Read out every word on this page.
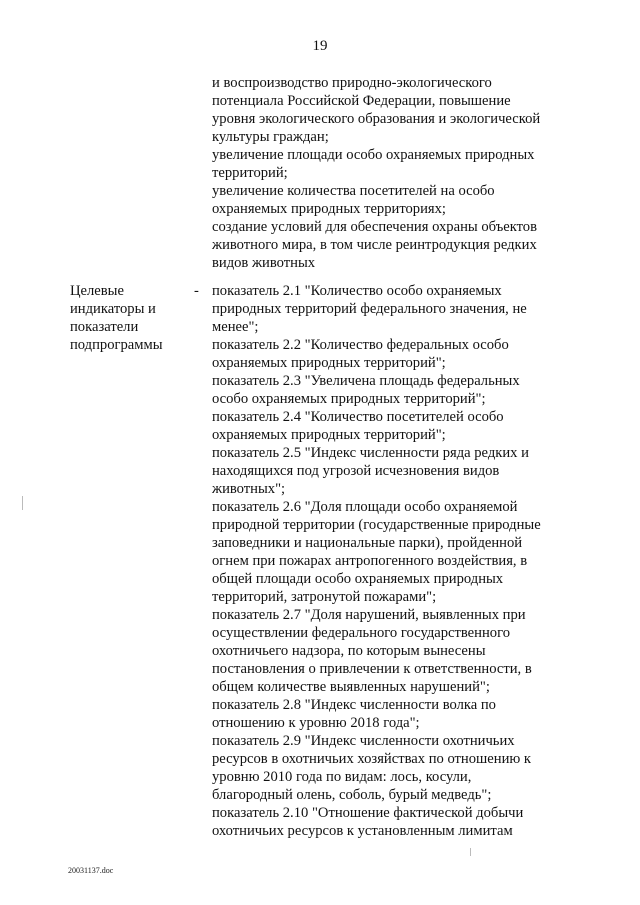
19
и воспроизводство природно-экологического
потенциала Российской Федерации, повышение
уровня экологического образования и экологической
культуры граждан;
увеличение площади особо охраняемых природных
территорий;
увеличение количества посетителей на особо
охраняемых природных территориях;
создание условий для обеспечения охраны объектов
животного мира, в том числе реинтродукция редких
видов животных
Целевые
индикаторы и
показатели
подпрограммы
- показатель 2.1 "Количество особо охраняемых
природных территорий федерального значения, не
менее";
показатель 2.2 "Количество федеральных особо
охраняемых природных территорий";
показатель 2.3 "Увеличена площадь федеральных
особо охраняемых природных территорий";
показатель 2.4 "Количество посетителей особо
охраняемых природных территорий";
показатель 2.5 "Индекс численности ряда редких и
находящихся под угрозой исчезновения видов
животных";
показатель 2.6 "Доля площади особо охраняемой
природной территории (государственные природные
заповедники и национальные парки), пройденной
огнем при пожарах антропогенного воздействия, в
общей площади особо охраняемых природных
территорий, затронутой пожарами";
показатель 2.7 "Доля нарушений, выявленных при
осуществлении федерального государственного
охотничьего надзора, по которым вынесены
постановления о привлечении к ответственности, в
общем количестве выявленных нарушений";
показатель 2.8 "Индекс численности волка по
отношению к уровню 2018 года";
показатель 2.9 "Индекс численности охотничьих
ресурсов в охотничьих хозяйствах по отношению к
уровню 2010 года по видам: лось, косули,
благородный олень, соболь, бурый медведь";
показатель 2.10 "Отношение фактической добычи
охотничьих ресурсов к установленным лимитам
20031137.doc
